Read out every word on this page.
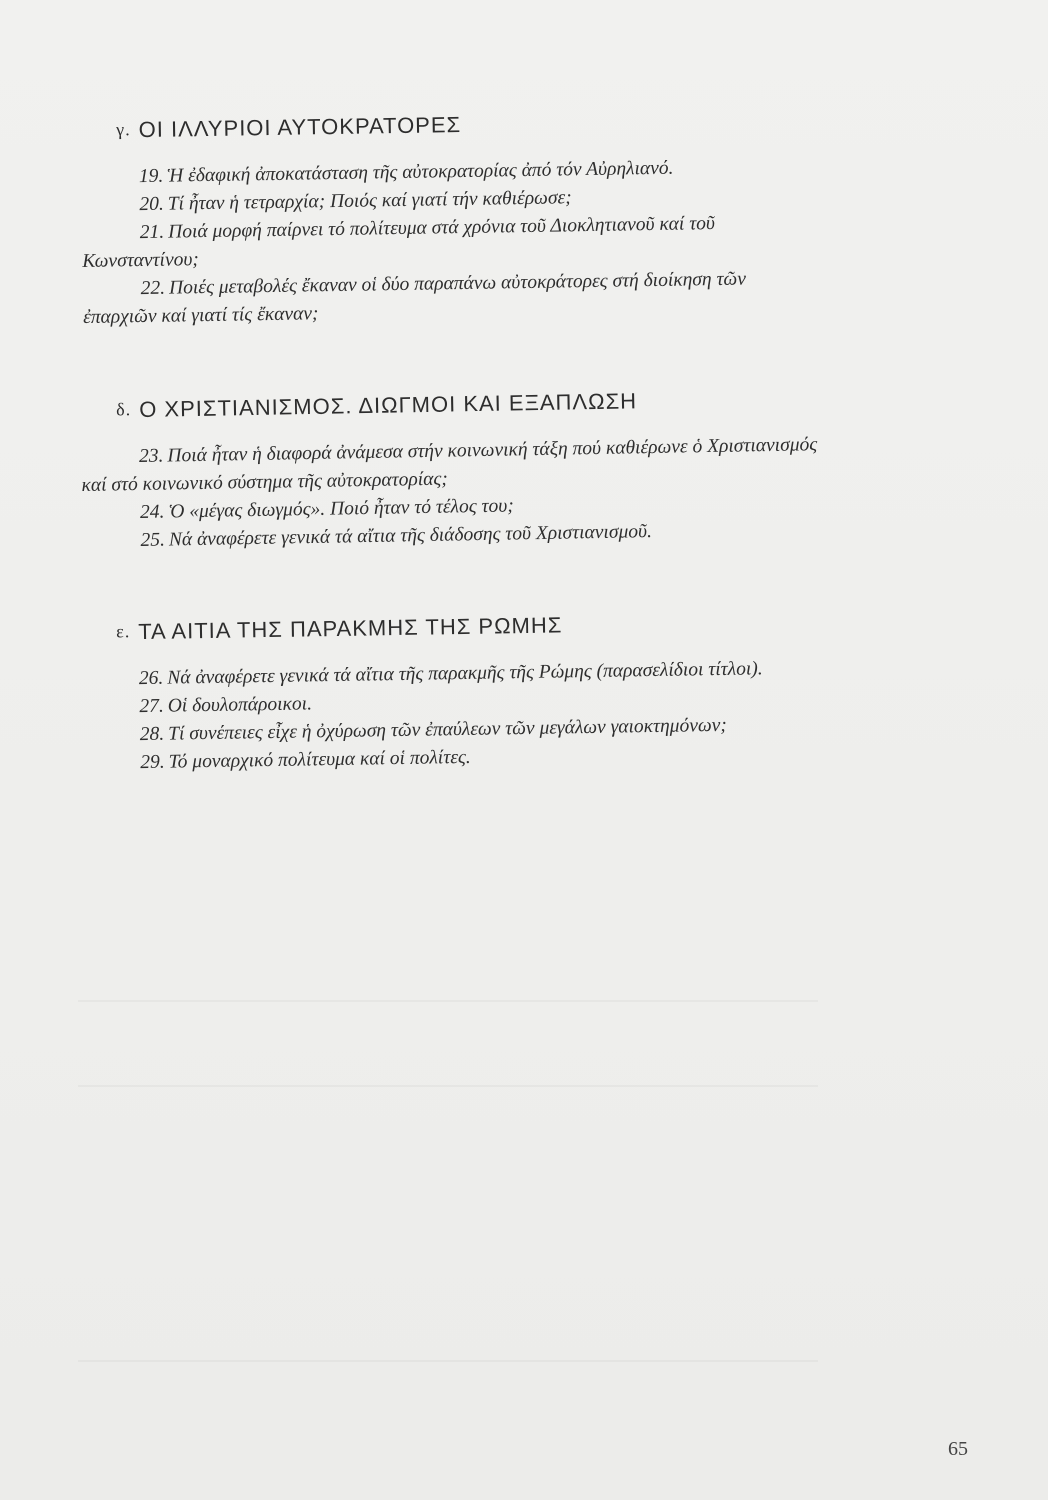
γ. ΟΙ ΙΛΛΥΡΙΟΙ ΑΥΤΟΚΡΑΤΟΡΕΣ

19. Ἡ ἐδαφική ἀποκατάσταση τῆς αὐτοκρατορίας ἀπό τόν Αὐρηλιανό.

20. Τί ἦταν ἡ τετραρχία; Ποιός καί γιατί τήν καθιέρωσε;

21. Ποιά μορφή παίρνει τό πολίτευμα στά χρόνια τοῦ Διοκλητιανοῦ καί τοῦ Κωνσταντίνου;

22. Ποιές μεταβολές ἔκαναν οἱ δύο παραπάνω αὐτοκράτορες στή διοίκηση τῶν ἐπαρχιῶν καί γιατί τίς ἔκαναν;

δ. Ο ΧΡΙΣΤΙΑΝΙΣΜΟΣ. ΔΙΩΓΜΟΙ ΚΑΙ ΕΞΑΠΛΩΣΗ

23. Ποιά ἦταν ἡ διαφορά ἀνάμεσα στήν κοινωνική τάξη πού καθιέρωνε ὁ Χριστιανισμός καί στό κοινωνικό σύστημα τῆς αὐτοκρατορίας;

24. Ὁ «μέγας διωγμός». Ποιό ἦταν τό τέλος του;

25. Νά ἀναφέρετε γενικά τά αἴτια τῆς διάδοσης τοῦ Χριστιανισμοῦ.

ε. ΤΑ ΑΙΤΙΑ ΤΗΣ ΠΑΡΑΚΜΗΣ ΤΗΣ ΡΩΜΗΣ

26. Νά ἀναφέρετε γενικά τά αἴτια τῆς παρακμῆς τῆς Ρώμης (παρασελίδιοι τίτλοι).

27. Οἱ δουλοπάροικοι.

28. Τί συνέπειες εἶχε ἡ ὀχύρωση τῶν ἐπαύλεων τῶν μεγάλων γαιοκτημόνων;

29. Τό μοναρχικό πολίτευμα καί οἱ πολίτες.

65
